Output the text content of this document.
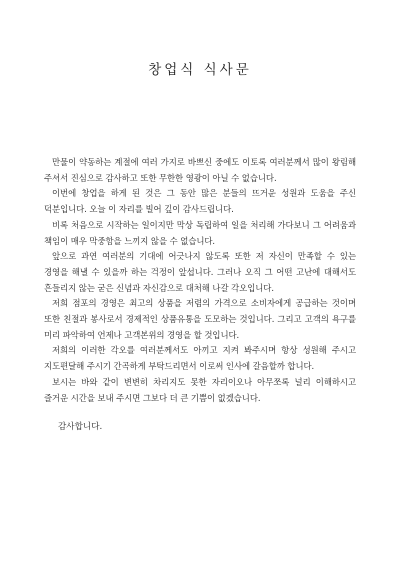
창업식 식사문

만물이 약동하는 계절에 여러 가지로 바쁘신 중에도 이토록 여러분께서 많이 왕림해 주셔서 진심으로 감사하고 또한 무한한 영광이 아닐 수 없습니다.

이번에 창업을 하게 된 것은 그 동안 많은 분들의 뜨거운 성원과 도움을 주신 덕분입니다. 오늘 이 자리를 빌어 깊이 감사드립니다.

비록 처음으로 시작하는 일이지만 막상 독립하여 일을 처리해 가다보니 그 어려움과 책임이 매우 막중함을 느끼지 않을 수 없습니다.

앞으로 과연 여러분의 기대에 어긋나지 않도록 또한 저 자신이 만족할 수 있는 경영을 해낼 수 있을까 하는 걱정이 앞섭니다. 그러나 오직 그 어떤 고난에 대해서도 흔들리지 않는 굳은 신념과 자신감으로 대처해 나갈 각오입니다.

저희 점포의 경영은 최고의 상품을 저렴의 가격으로 소비자에게 공급하는 것이며 또한 친절과 봉사로서 경제적인 상품유통을 도모하는 것입니다. 그리고 고객의 욕구를 미리 파악하여 언제나 고객본위의 경영을 할 것입니다.

저희의 이러한 각오를 여러분께서도 아끼고 지켜 봐주시며 항상 성원해 주시고 지도편달해 주시기 간곡하게 부탁드리면서 이로써 인사에 갈음할까 합니다.

보시는 바와 같이 변변히 차리지도 못한 자리이오나 아무쪼록 널리 이해하시고 즐거운 시간을 보내 주시면 그보다 더 큰 기쁨이 없겠습니다.

감사합니다.
